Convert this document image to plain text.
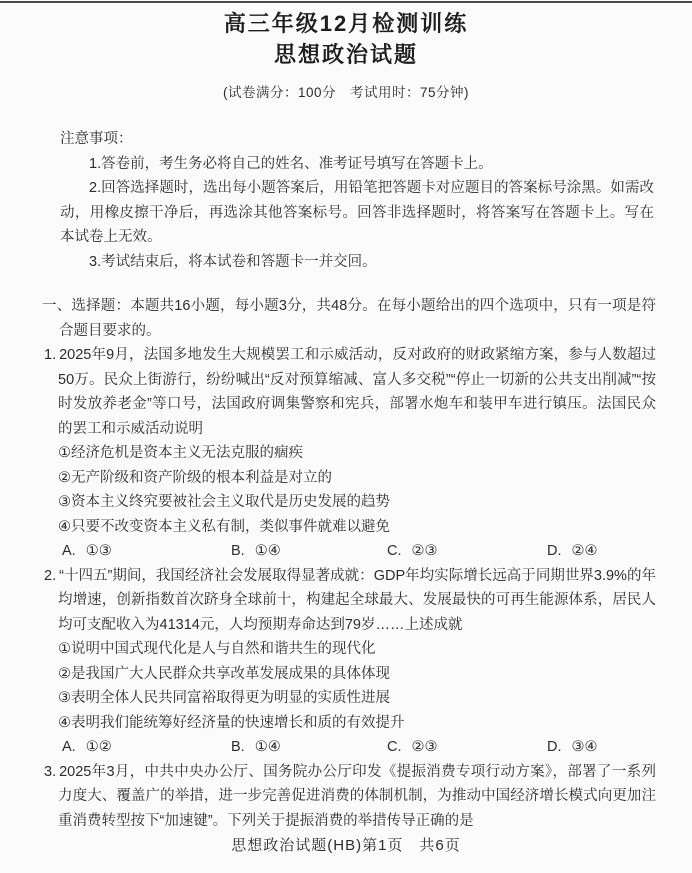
高三年级12月检测训练
思想政治试题
(试卷满分：100分　考试用时：75分钟)

注意事项：

1.答卷前，考生务必将自己的姓名、准考证号填写在答题卡上。

2.回答选择题时，选出每小题答案后，用铅笔把答题卡对应题目的答案标号涂黑。如需改动，用橡皮擦干净后，再选涂其他答案标号。回答非选择题时，将答案写在答题卡上。写在本试卷上无效。

3.考试结束后，将本试卷和答题卡一并交回。

一、选择题：本题共16小题，每小题3分，共48分。在每小题给出的四个选项中，只有一项是符合题目要求的。

1. 2025年9月，法国多地发生大规模罢工和示威活动，反对政府的财政紧缩方案，参与人数超过50万。民众上街游行，纷纷喊出“反对预算缩减、富人多交税”“停止一切新的公共支出削减”“按时发放养老金”等口号，法国政府调集警察和宪兵，部署水炮车和装甲车进行镇压。法国民众的罢工和示威活动说明

①经济危机是资本主义无法克服的痼疾
②无产阶级和资产阶级的根本利益是对立的
③资本主义终究要被社会主义取代是历史发展的趋势
④只要不改变资本主义私有制，类似事件就难以避免
A. ①③	B. ①④	C. ②③	D. ②④

2. “十四五”期间，我国经济社会发展取得显著成就：GDP年均实际增长远高于同期世界3.9%的年均增速，创新指数首次跻身全球前十，构建起全球最大、发展最快的可再生能源体系，居民人均可支配收入为41314元，人均预期寿命达到79岁……上述成就

①说明中国式现代化是人与自然和谐共生的现代化
②是我国广大人民群众共享改革发展成果的具体体现
③表明全体人民共同富裕取得更为明显的实质性进展
④表明我们能统筹好经济量的快速增长和质的有效提升
A. ①②	B. ①④	C. ②③	D. ③④

3. 2025年3月，中共中央办公厅、国务院办公厅印发《提振消费专项行动方案》，部署了一系列力度大、覆盖广的举措，进一步完善促进消费的体制机制，为推动中国经济增长模式向更加注重消费转型按下“加速键”。下列关于提振消费的举措传导正确的是

思想政治试题(HB)第1页　共6页
